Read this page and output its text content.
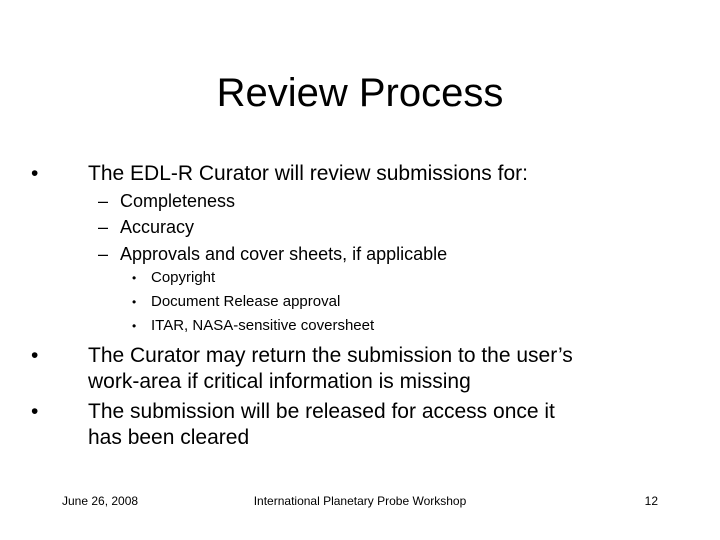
Review Process
• The EDL-R Curator will review submissions for:
– Completeness
– Accuracy
– Approvals and cover sheets, if applicable
• Copyright
• Document Release approval
• ITAR, NASA-sensitive coversheet
• The Curator may return the submission to the user’s
work-area if critical information is missing
• The submission will be released for access once it
has been cleared
June 26, 2008	International Planetary Probe Workshop	12
